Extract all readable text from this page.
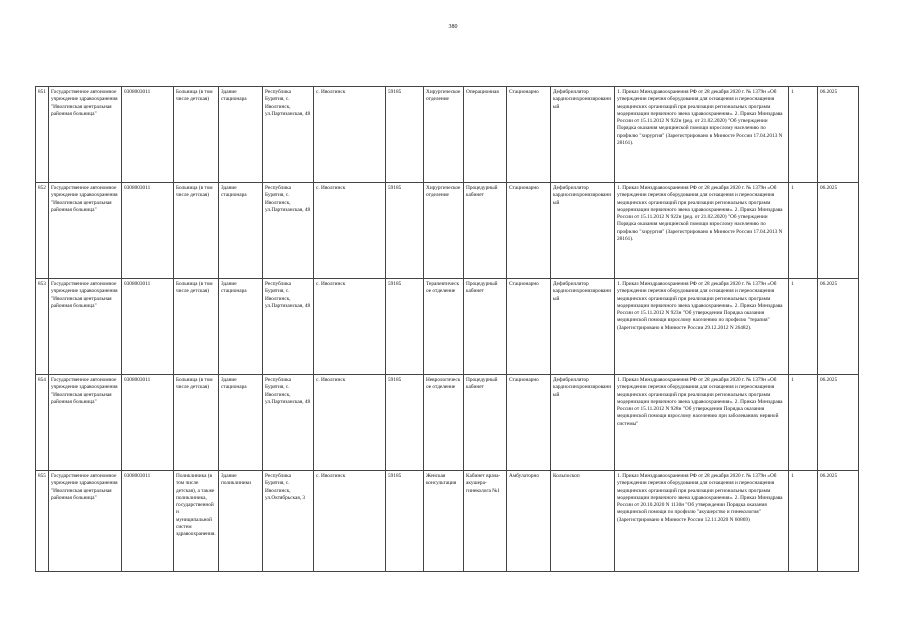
380
851	Государственное автономное учреждение здравоохранения "Иволгинская центральная районная больница"	0308003011	Больница (в том числе детская)	Здание стационара	Республика Бурятия, с. Иволгинск, ул.Партизанская, 48	с. Иволгинск	59185	Хирургическое отделение	Операционная	Стационарно	Дефибриллятор кардиосинхронизированный	1. Приказ Минздравоохранения РФ от 28 декабря 2020 г. № 1379н «Об утверждении перечня оборудования для оснащения и переоснащения медицинских организаций при реализации региональных программ модернизации первичного звена здравоохранения». 2. Приказ Минздрава России от 15.11.2012 N 922н (ред. от 21.02.2020) "Об утверждении Порядка оказания медицинской помощи взрослому населению по профилю "хирургия" (Зарегистрировано в Минюсте России 17.04.2013 N 28161).	1	06.2025
852	Государственное автономное учреждение здравоохранения "Иволгинская центральная районная больница"	0308003011	Больница (в том числе детская)	Здание стационара	Республика Бурятия, с. Иволгинск, ул.Партизанская, 48	с. Иволгинск	59185	Хирургическое отделение	Процедурный кабинет	Стационарно	Дефибриллятор кардиосинхронизированный	1. Приказ Минздравоохранения РФ от 28 декабря 2020 г. № 1379н «Об утверждении перечня оборудования для оснащения и переоснащения медицинских организаций при реализации региональных программ модернизации первичного звена здравоохранения». 2. Приказ Минздрава России от 15.11.2012 N 922н (ред. от 21.02.2020) "Об утверждении Порядка оказания медицинской помощи взрослому населению по профилю "хирургия" (Зарегистрировано в Минюсте России 17.04.2013 N 28161).	1	06.2025
853	Государственное автономное учреждение здравоохранения "Иволгинская центральная районная больница"	0308003011	Больница (в том числе детская)	Здание стационара	Республика Бурятия, с. Иволгинск, ул.Партизанская, 48	с. Иволгинск	59185	Терапевтическое отделение	Процедурный кабинет	Стационарно	Дефибриллятор кардиосинхронизированный	1. Приказ Минздравоохранения РФ от 28 декабря 2020 г. № 1379н «Об утверждении перечня оборудования для оснащения и переоснащения медицинских организаций при реализации региональных программ модернизации первичного звена здравоохранения». 2. Приказ Минздрава России от 15.11.2012 N 923н "Об утверждении Порядка оказания медицинской помощи взрослому населению по профилю "терапия" (Зарегистрировано в Минюсте России 29.12.2012 N 26482).	1	06.2025
854	Государственное автономное учреждение здравоохранения "Иволгинская центральная районная больница"	0308003011	Больница (в том числе детская)	Здание стационара	Республика Бурятия, с. Иволгинск, ул.Партизанская, 48	с. Иволгинск	59185	Неврологическое отделение	Процедурный кабинет	Стационарно	Дефибриллятор кардиосинхронизированный	1. Приказ Минздравоохранения РФ от 28 декабря 2020 г. № 1379н «Об утверждении перечня оборудования для оснащения и переоснащения медицинских организаций при реализации региональных программ модернизации первичного звена здравоохранения». 2. Приказ Минздрава России от 15.11.2012 N 928н "Об утверждении Порядка оказания медицинской помощи взрослому населению при заболеваниях нервной системы"	1	06.2025
855	Государственное автономное учреждение здравоохранения "Иволгинская центральная районная больница"	0308003011	Поликлиника (в том числе детская), а также поликлиника, государственной и муниципальной систем здравоохранения.	Здание поликлиники	Республика Бурятия, с. Иволгинск, ул.Октябрьская, 3	с. Иволгинск	59185	Женская консультация	Кабинет врача-акушера-гинеколога №1	Амбулаторно	Кольпоскоп	1. Приказ Минздравоохранения РФ от 28 декабря 2020 г. № 1379н «Об утверждении перечня оборудования для оснащения и переоснащения медицинских организаций при реализации региональных программ модернизации первичного звена здравоохранения». 2. Приказ Минздрава России от 20.10.2020 N 1130н "Об утверждении Порядка оказания медицинской помощи по профилю "акушерство и гинекология" (Зарегистрировано в Минюсте России 12.11.2020 N 60869)	1	06.2025
